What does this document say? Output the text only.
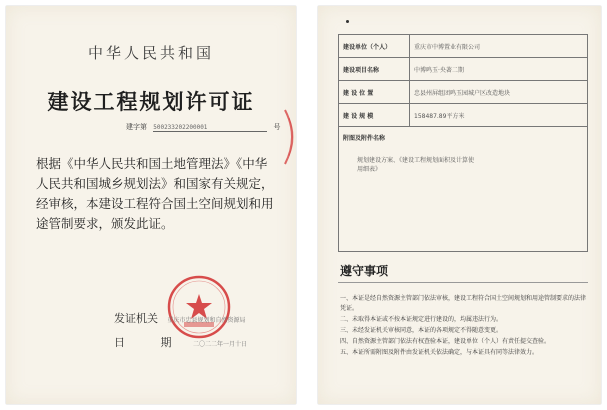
中华人民共和国
建设工程规划许可证
建字第 500233202200001	号
根据《中华人民共和国土地管理法》《中华人民共和国城乡规划法》和国家有关规定，经审核，本建设工程符合国土空间规划和用途管制要求，颁发此证。
发证机关 重庆市忠县规划和自然资源局
日 期 二〇二二年一月十日
建设单位（个人）	重庆市中博置业有限公司
建设项目名称	中博鸣玉·央著二期
建 设 位 置	忠县州屏组团鸣玉园城户区改造地块
建 设 规 模	158487.89平方米
附图及附件名称
规划建设方案、《建设工程规划面积及计算使用细表》	
遵守事项
一、本证是经自然资源主管部门依法审核，建设工程符合国土空间规划和用途管制要求的法律凭证。
二、未取得本证或不按本证规定进行建设的，均属违法行为。
三、未经发证机关审核同意，本证的各项规定不得随意变更。
四、自然资源主管部门依法有权查验本证，建设单位（个人）有责任提交查验。
五、本证所需附图及附件由发证机关依法确定，与本证具有同等法律效力。
